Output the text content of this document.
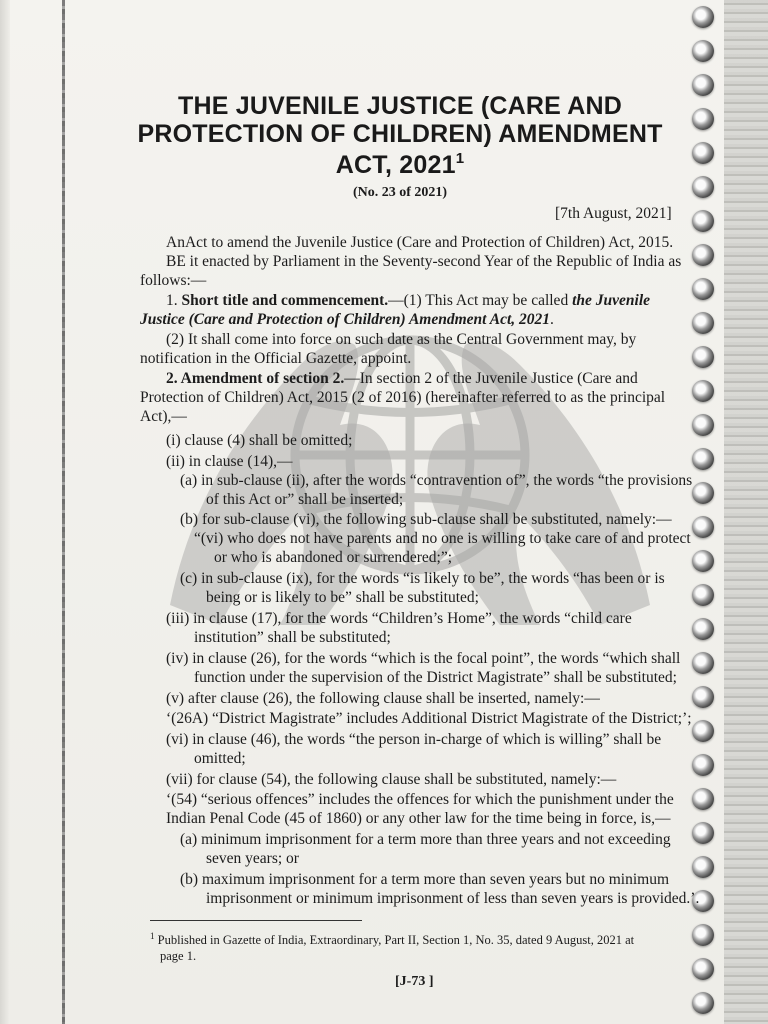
THE JUVENILE JUSTICE (CARE AND
PROTECTION OF CHILDREN) AMENDMENT
ACT, 2021$^1$
(No. 23 of 2021)
[7th August, 2021]
AnAct to amend the Juvenile Justice (Care and Protection of Children) Act, 2015.
BE it enacted by Parliament in the Seventy-second Year of the Republic of India as
follows:—
1. Short title and commencement.—(1) This Act may be called the Juvenile
Justice (Care and Protection of Children) Amendment Act, 2021.
(2) It shall come into force on such date as the Central Government may, by
notification in the Official Gazette, appoint.
2. Amendment of section 2.—In section 2 of the Juvenile Justice (Care and
Protection of Children) Act, 2015 (2 of 2016) (hereinafter referred to as the principal
Act),—
(i) clause (4) shall be omitted;
(ii) in clause (14),—
(a) in sub-clause (ii), after the words “contravention of”, the words “the provisions
of this Act or” shall be inserted;
(b) for sub-clause (vi), the following sub-clause shall be substituted, namely:—
“(vi) who does not have parents and no one is willing to take care of and protect
or who is abandoned or surrendered;”;
(c) in sub-clause (ix), for the words “is likely to be”, the words “has been or is
being or is likely to be” shall be substituted;
(iii) in clause (17), for the words “Children’s Home”, the words “child care
institution” shall be substituted;
(iv) in clause (26), for the words “which is the focal point”, the words “which shall
function under the supervision of the District Magistrate” shall be substituted;
(v) after clause (26), the following clause shall be inserted, namely:—
‘(26A) “District Magistrate” includes Additional District Magistrate of the District;’;
(vi) in clause (46), the words “the person in-charge of which is willing” shall be
omitted;
(vii) for clause (54), the following clause shall be substituted, namely:—
‘(54) “serious offences” includes the offences for which the punishment under the
Indian Penal Code (45 of 1860) or any other law for the time being in force, is,—
(a) minimum imprisonment for a term more than three years and not exceeding
seven years; or
(b) maximum imprisonment for a term more than seven years but no minimum
imprisonment or minimum imprisonment of less than seven years is provided.’.
$^1$ Published in Gazette of India, Extraordinary, Part II, Section 1, No. 35, dated 9 August, 2021 at
page 1.
[J-73 ]
